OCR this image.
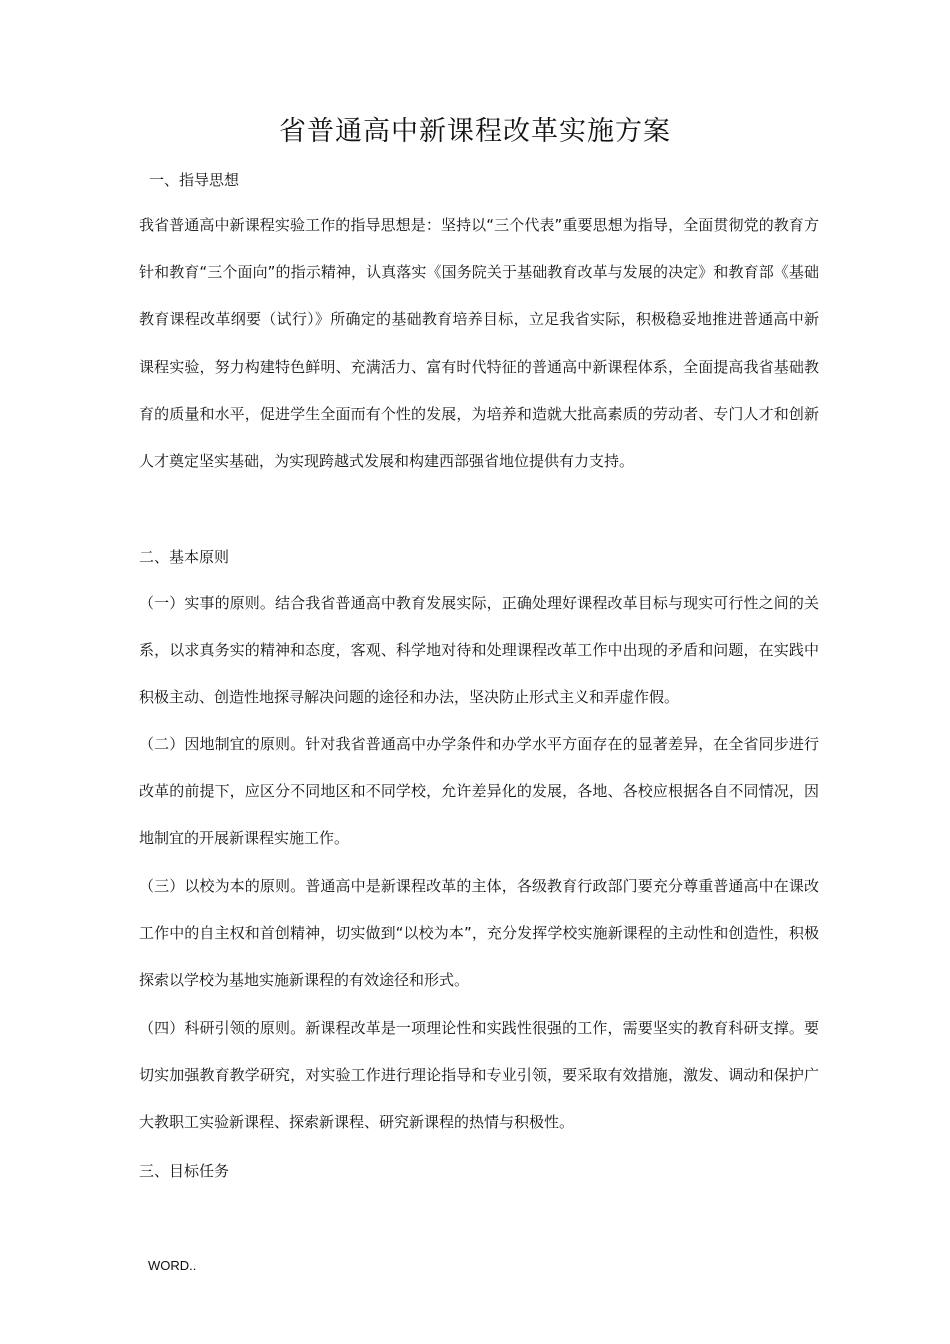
省普通高中新课程改革实施方案
一、指导思想

我省普通高中新课程实验工作的指导思想是：坚持以“三个代表”重要思想为指导，全面贯彻党的教育方针和教育“三个面向”的指示精神，认真落实《国务院关于基础教育改革与发展的决定》和教育部《基础教育课程改革纲要（试行）》所确定的基础教育培养目标，立足我省实际，积极稳妥地推进普通高中新课程实验，努力构建特色鲜明、充满活力、富有时代特征的普通高中新课程体系，全面提高我省基础教育的质量和水平，促进学生全面而有个性的发展，为培养和造就大批高素质的劳动者、专门人才和创新人才奠定坚实基础，为实现跨越式发展和构建西部强省地位提供有力支持。

二、基本原则

（一）实事的原则。结合我省普通高中教育发展实际，正确处理好课程改革目标与现实可行性之间的关系，以求真务实的精神和态度，客观、科学地对待和处理课程改革工作中出现的矛盾和问题，在实践中积极主动、创造性地探寻解决问题的途径和办法，坚决防止形式主义和弄虚作假。

（二）因地制宜的原则。针对我省普通高中办学条件和办学水平方面存在的显著差异，在全省同步进行改革的前提下，应区分不同地区和不同学校，允许差异化的发展，各地、各校应根据各自不同情况，因地制宜的开展新课程实施工作。

（三）以校为本的原则。普通高中是新课程改革的主体，各级教育行政部门要充分尊重普通高中在课改工作中的自主权和首创精神，切实做到“以校为本”，充分发挥学校实施新课程的主动性和创造性，积极探索以学校为基地实施新课程的有效途径和形式。

（四）科研引领的原则。新课程改革是一项理论性和实践性很强的工作，需要坚实的教育科研支撑。要切实加强教育教学研究，对实验工作进行理论指导和专业引领，要采取有效措施，激发、调动和保护广大教职工实验新课程、探索新课程、研究新课程的热情与积极性。

三、目标任务
WORD..
